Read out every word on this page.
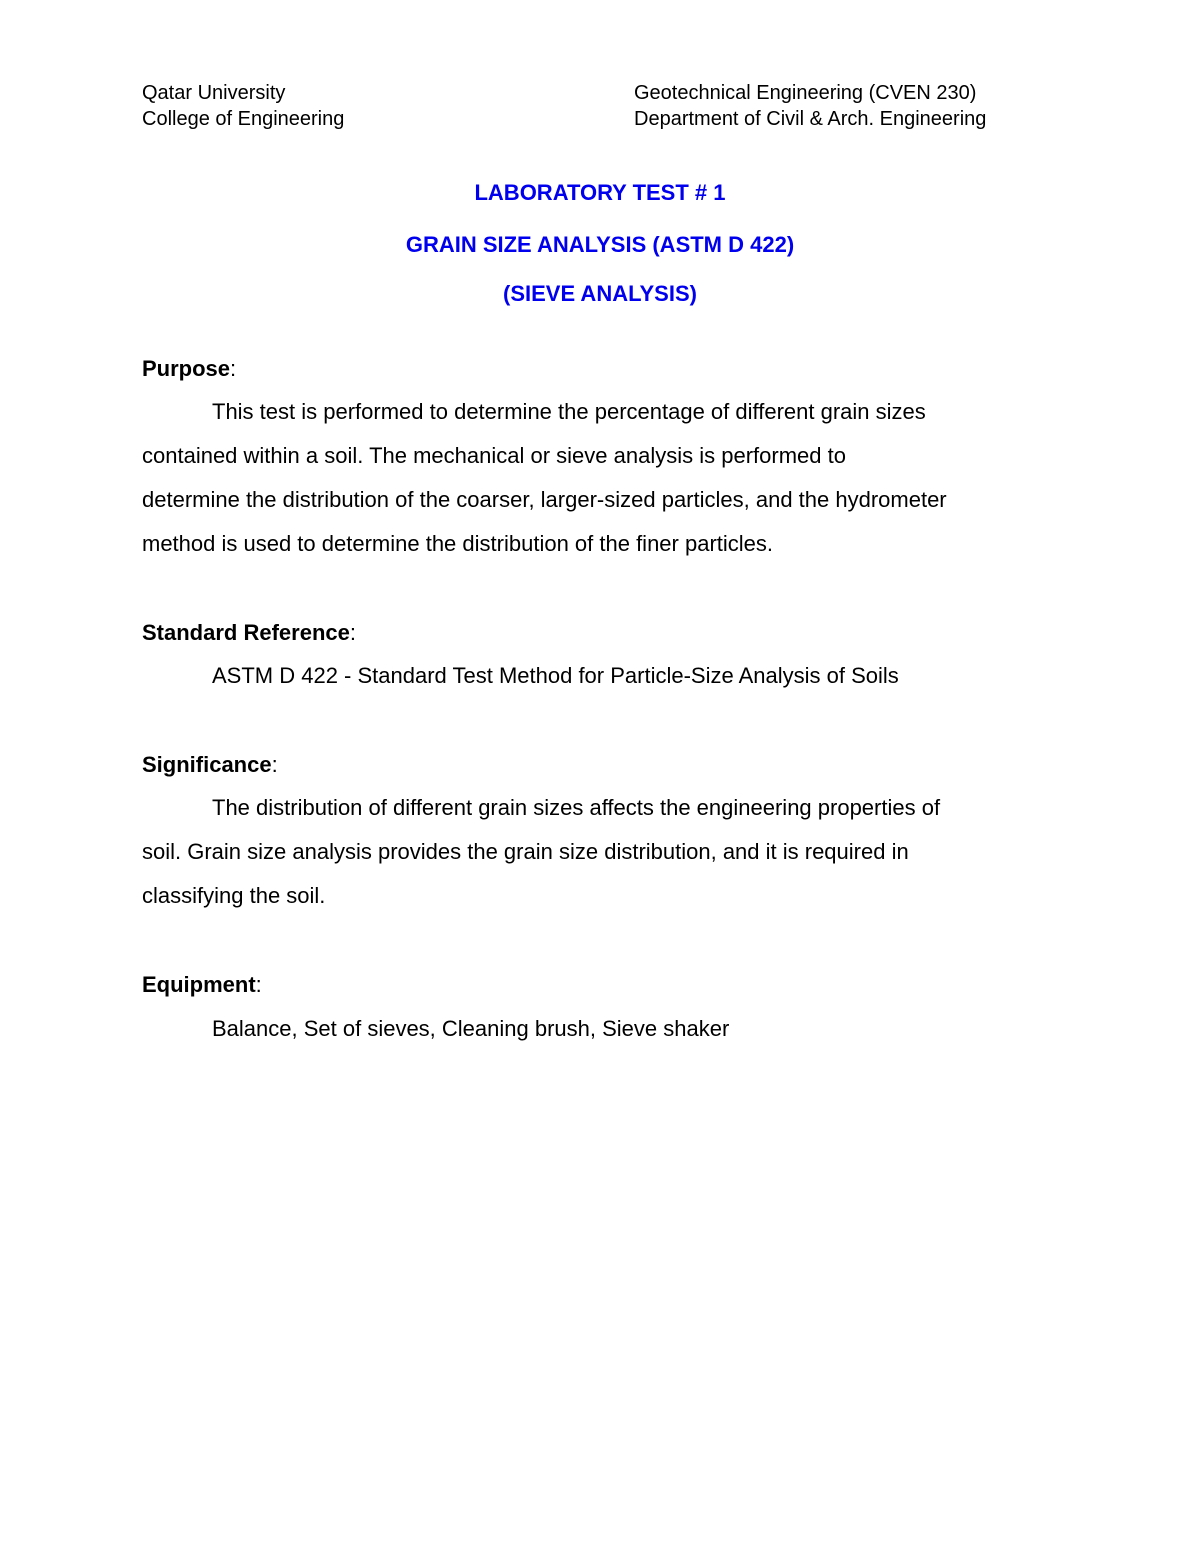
Qatar University
College of Engineering
Geotechnical Engineering (CVEN 230)
Department of Civil & Arch. Engineering
LABORATORY TEST # 1
GRAIN SIZE ANALYSIS (ASTM D 422)
(SIEVE ANALYSIS)
Purpose:
This test is performed to determine the percentage of different grain sizes
contained within a soil. The mechanical or sieve analysis is performed to
determine the distribution of the coarser, larger-sized particles, and the hydrometer
method is used to determine the distribution of the finer particles.
Standard Reference:
ASTM D 422 - Standard Test Method for Particle-Size Analysis of Soils
Significance:
The distribution of different grain sizes affects the engineering properties of
soil. Grain size analysis provides the grain size distribution, and it is required in
classifying the soil.
Equipment:
Balance, Set of sieves, Cleaning brush, Sieve shaker
